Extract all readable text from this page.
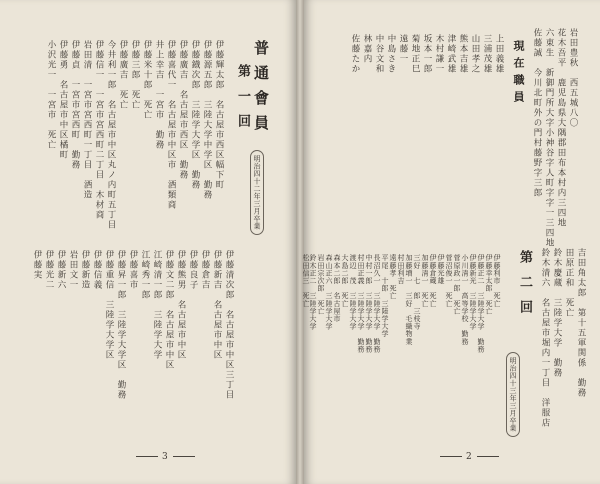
普通會員
第一回
明治四十二年三月卒業
伊藤輝太郎　名古屋市西区幅下町
伊藤源五郎　三陸大学中学区　勤務
伊藤鐡次郎　三陸学大学区　勤務
伊藤廣吉　名古屋市西区　勤務
伊藤喜代一　名古屋市中区市　酒類商
井上幸吉　一宮市　勤務
伊藤米十郎　死亡
伊藤三郎　死亡
伊藤廣吉　死亡
今井利一郎　名古屋市中区丸ノ内町五丁目
伊藤信一　一宮市宮西町二丁目　木材商
岩田清　一宮市宮西町一丁目　酒造
伊藤貞　一宮市宮西町　勤務
伊藤勇　名古屋市中区橘町
小沢光一　一宮市　死亡
伊藤清次郎　名古屋市中区三丁目
伊藤新吉　名古屋市中区
伊藤倉吉
伊藤良子
伊藤熊男　名古屋市中区
伊藤文二郎　名古屋市中区
江崎清一郎　三陸学大学
江崎秀一郎
伊藤喜市
伊藤昇一郎　三陸学大学区　勤務
伊藤重信　三陸学大学区
伊藤信義
伊藤新造
岩田文一
伊藤新六
伊藤光二
伊藤実
3
岩田豊秋　西五城八〇
花木吾平　鹿児島県大隅郡田布本村内三四地
六東生　新御門所大字小神谷字人町字字一三四地
佐藤誠　今川北町外の門村藤野字三郎
現在職員
上田義雄
三浦茂雄
山田孝之
熊本吉雄
津崎武雄
木村謙一
坂本一郎
菊地正巳
遠藤一
中島さき
中谷文和
林嘉内
佐藤たか
吉田角太郎　第十五軍関係　勤務
田原正和　死亡
鈴木慶蔵　三陸学大学　勤務
鈴木清六　名古屋市堀内一丁目　洋服店
第二回
明治四十三年三月卒業
伊藤利市　死亡
伊藤幸太郎　死亡
伊藤正二　三陸学大学　勤務
伊藤新光　三陸学大学
小川清一　高等学校　勤務
菅原政一郎　死亡
菅沼俊一　死亡
伊藤光雄
伊藤倉蔵　死亡
加藤清一　死亡
三好　七　郎　三枝寺
加藤増一　三好　毛織物業
村田利吉
遠藤孝　死亡
平尾　十郎　三陸学大学
長沼久一　三陸学大学　勤務
中村一郎　三陸学大学　勤務
村田正義　三陸学大学　勤務
渡辺　茂　三陸学大学
大島二郎　死亡
森本二郎　名古屋市
森山正六　三陸学大学
岩田宗次郎　死亡
鈴木正二　三陸学大学
松田信三　死亡
2
